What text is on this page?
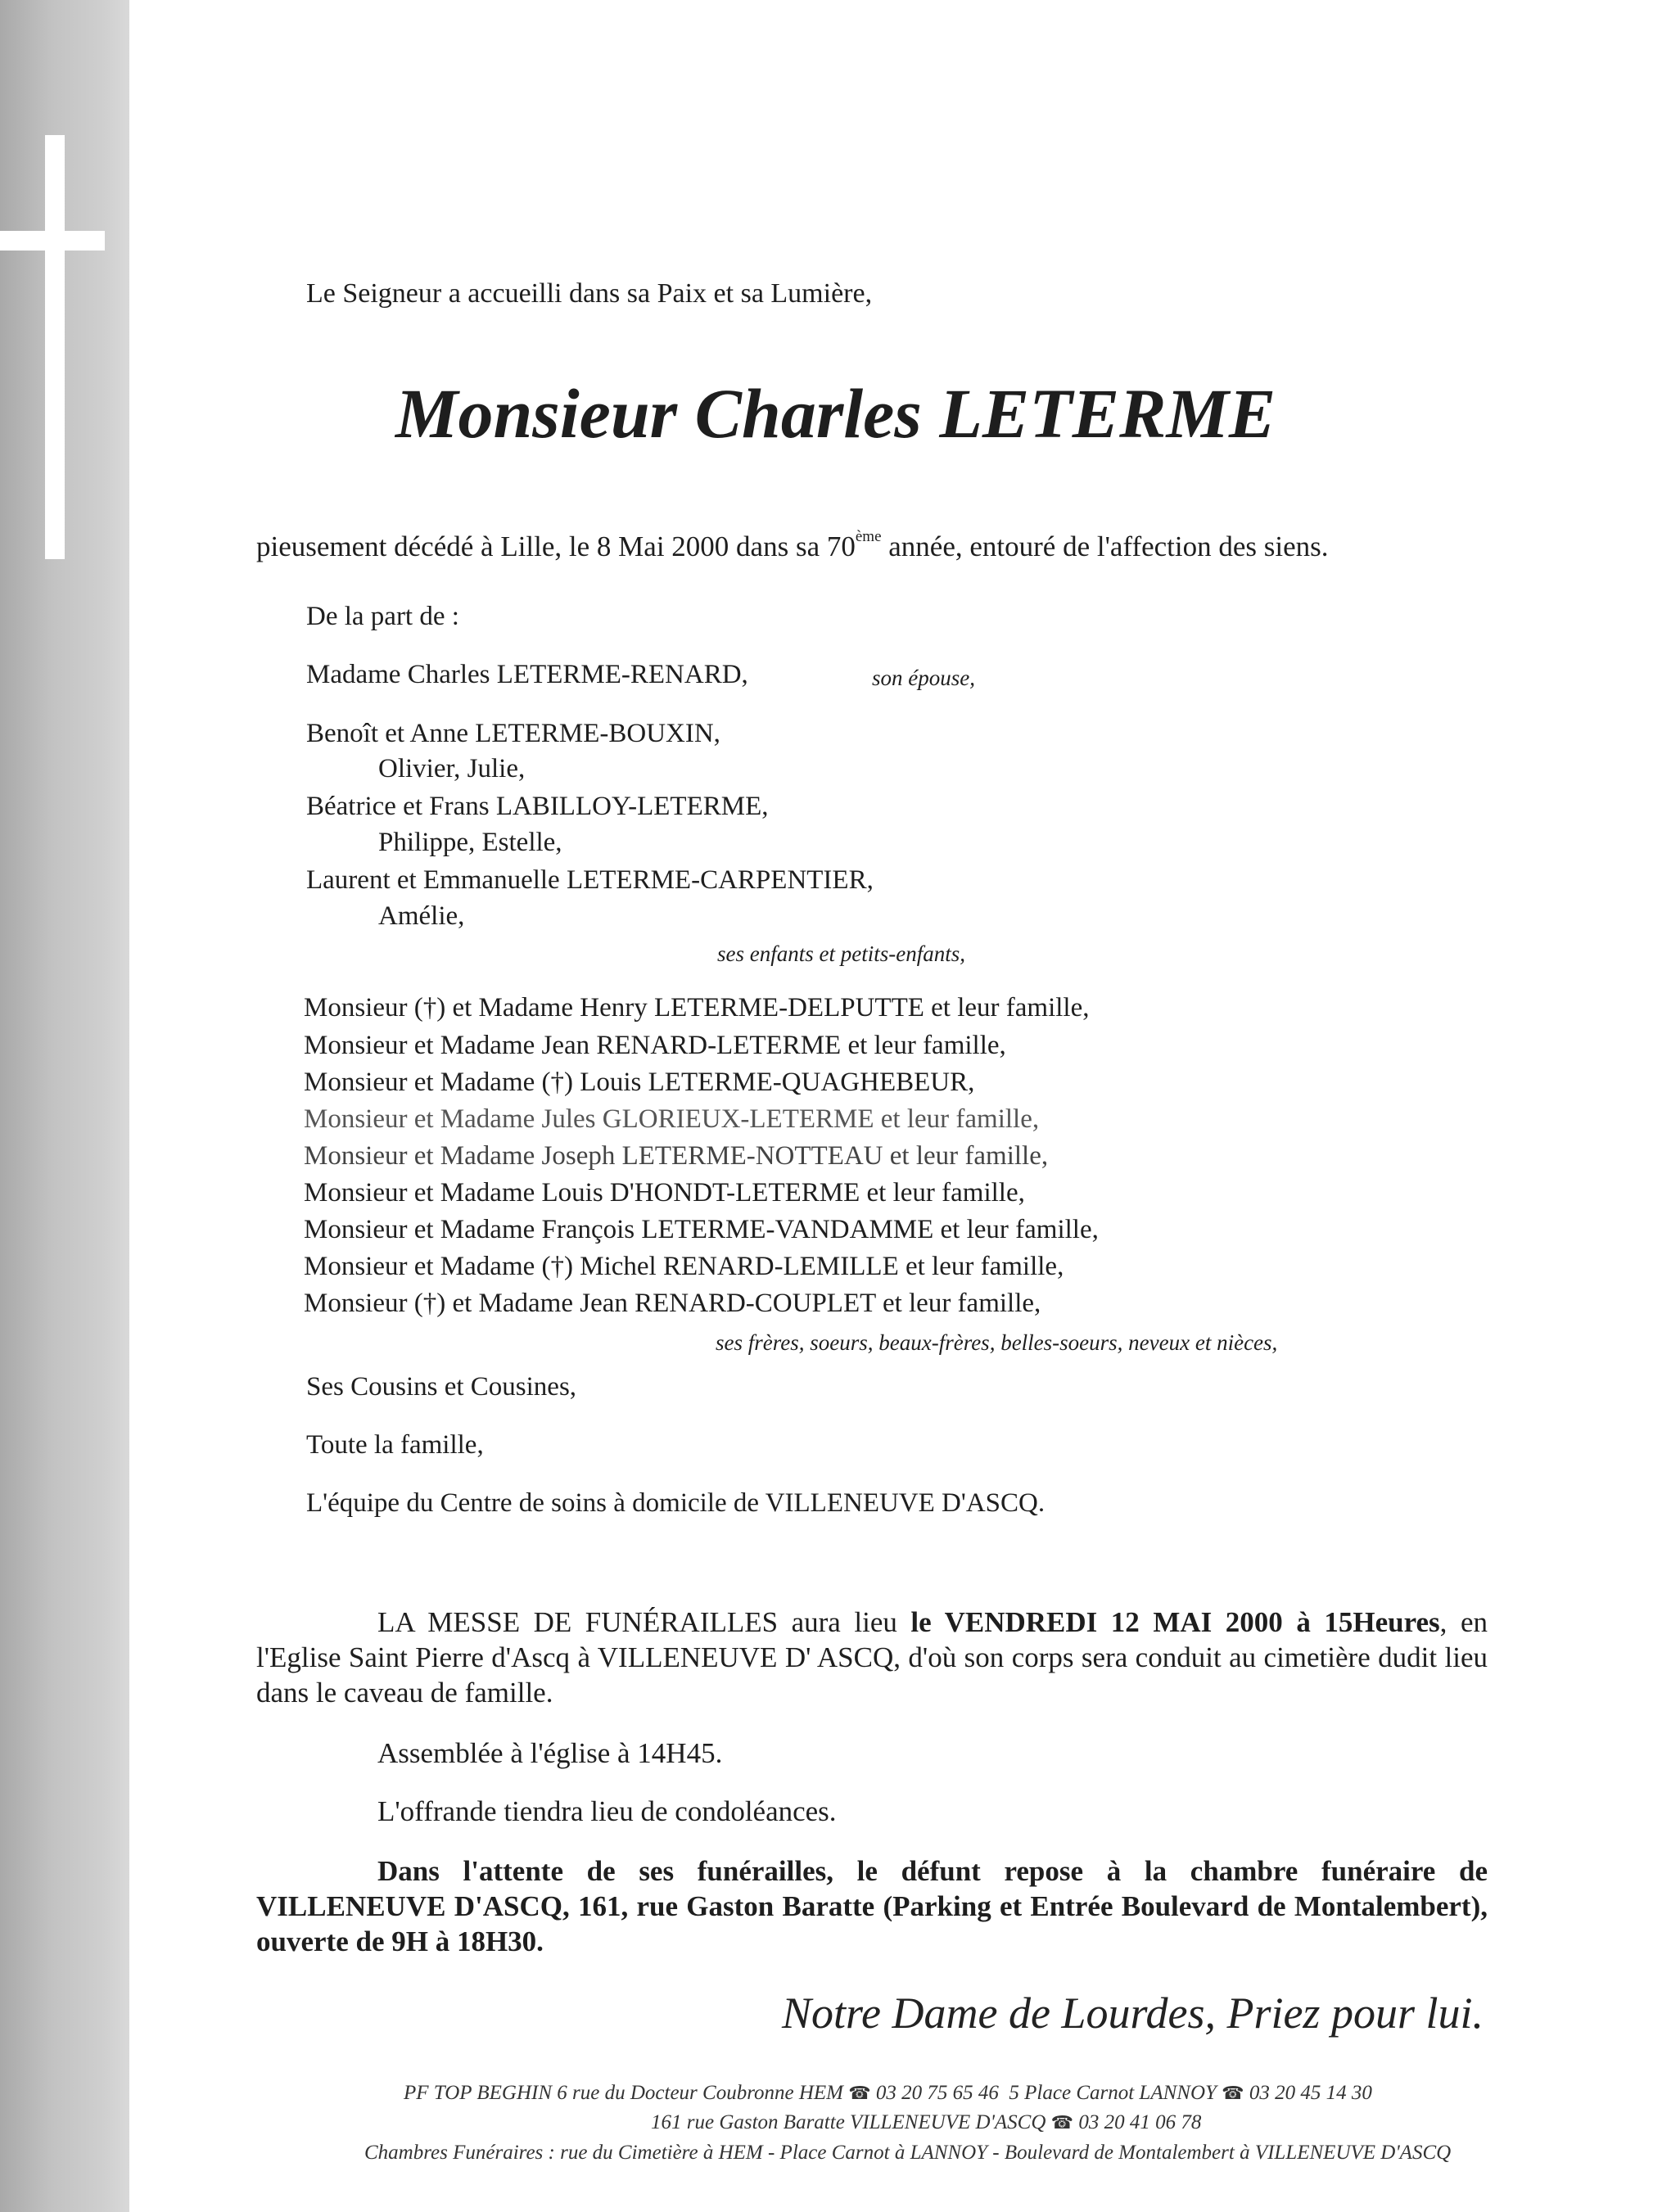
Le Seigneur a accueilli dans sa Paix et sa Lumière,
Monsieur Charles LETERME
pieusement décédé à Lille, le 8 Mai 2000 dans sa 70ème année, entouré de l'affection des siens.
De la part de :
Madame Charles LETERME-RENARD,	son épouse,
Benoît et Anne LETERME-BOUXIN,
Olivier, Julie,
Béatrice et Frans LABILLOY-LETERME,
Philippe, Estelle,
Laurent et Emmanuelle LETERME-CARPENTIER,
Amélie,
ses enfants et petits-enfants,
Monsieur (†) et Madame Henry LETERME-DELPUTTE et leur famille,
Monsieur et Madame Jean RENARD-LETERME et leur famille,
Monsieur et Madame (†) Louis LETERME-QUAGHEBEUR,
Monsieur et Madame Jules GLORIEUX-LETERME et leur famille,
Monsieur et Madame Joseph LETERME-NOTTEAU et leur famille,
Monsieur et Madame Louis D'HONDT-LETERME et leur famille,
Monsieur et Madame François LETERME-VANDAMME et leur famille,
Monsieur et Madame (†) Michel RENARD-LEMILLE et leur famille,
Monsieur (†) et Madame Jean RENARD-COUPLET et leur famille,
ses frères, soeurs, beaux-frères, belles-soeurs, neveux et nièces,
Ses Cousins et Cousines,
Toute la famille,
L'équipe du Centre de soins à domicile de VILLENEUVE D'ASCQ.
LA MESSE DE FUNÉRAILLES aura lieu le VENDREDI 12 MAI 2000 à 15Heures, en l'Eglise Saint Pierre d'Ascq à VILLENEUVE D' ASCQ, d'où son corps sera conduit au cimetière dudit lieu dans le caveau de famille.
Assemblée à l'église à 14H45.
L'offrande tiendra lieu de condoléances.
Dans l'attente de ses funérailles, le défunt repose à la chambre funéraire de VILLENEUVE D'ASCQ, 161, rue Gaston Baratte (Parking et Entrée Boulevard de Montalembert), ouverte de 9H à 18H30.
Notre Dame de Lourdes, Priez pour lui.
PF TOP BEGHIN 6 rue du Docteur Coubronne HEM ☎ 03 20 75 65 46 5 Place Carnot LANNOY ☎ 03 20 45 14 30
161 rue Gaston Baratte VILLENEUVE D'ASCQ ☎ 03 20 41 06 78
Chambres Funéraires : rue du Cimetière à HEM - Place Carnot à LANNOY - Boulevard de Montalembert à VILLENEUVE D'ASCQ
